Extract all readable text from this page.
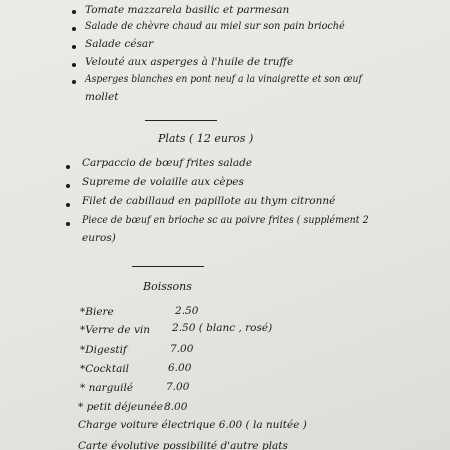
Tomate mazzarela basilic et parmesan
Salade de chèvre chaud au miel sur son pain brioché
Salade césar
Velouté aux asperges à l'huile de truffe
Asperges blanches en pont neuf a la vinaigrette et son œuf
mollet
Plats ( 12 euros )
Carpaccio de bœuf frites salade
Supreme de volaille aux cèpes
Filet de cabillaud en papillote au thym citronné
Piece de bœuf en brioche sc au poivre frites ( supplément 2
euros)
Boissons
*Biere	2.50
*Verre de vin 2.50 ( blanc , rosé)
*Digestif	7.00
*Cocktail	6.00
* narguilé	7.00
* petit déjeunée 8.00
Charge voiture électrique 6.00 ( la nuitée )
Carte évolutive possibilité d'autre plats
